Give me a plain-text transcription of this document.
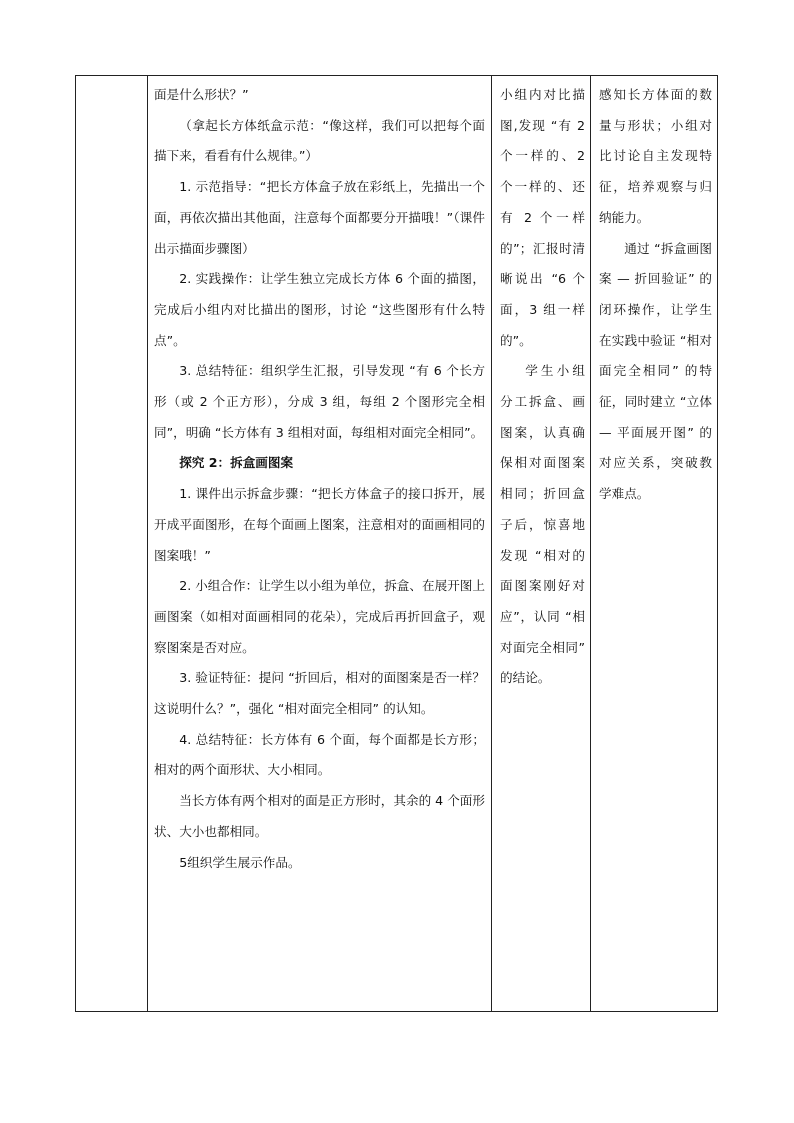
面是什么形状？”

（拿起长方体纸盒示范：“像这样，我们可以把每个面描下来，看看有什么规律。”）

1. 示范指导：“把长方体盒子放在彩纸上，先描出一个面，再依次描出其他面，注意每个面都要分开描哦！”（课件出示描面步骤图）

2. 实践操作：让学生独立完成长方体 6 个面的描图，完成后小组内对比描出的图形，讨论 “这些图形有什么特点”。

3. 总结特征：组织学生汇报，引导发现 “有 6 个长方形（或 2 个正方形），分成 3 组，每组 2 个图形完全相同”，明确 “长方体有 3 组相对面，每组相对面完全相同”。

探究 2：拆盒画图案

1. 课件出示拆盒步骤：“把长方体盒子的接口拆开，展开成平面图形，在每个面画上图案，注意相对的面画相同的图案哦！”

2. 小组合作：让学生以小组为单位，拆盒、在展开图上画图案（如相对面画相同的花朵），完成后再折回盒子，观察图案是否对应。

3. 验证特征：提问 “折回后，相对的面图案是否一样？这说明什么？”，强化 “相对面完全相同” 的认知。

4. 总结特征：长方体有 6 个面，每个面都是长方形；相对的两个面形状、大小相同。

当长方体有两个相对的面是正方形时，其余的 4 个面形状、大小也都相同。

5组织学生展示作品。

小组内对比描图,发现 “有 2 个一样的、2 个一样的、还有 2 个一样的”；汇报时清晰说出 “6 个面，3 组一样的”。

学生小组分工拆盒、画图案，认真确保相对面图案相同；折回盒子后，惊喜地发现 “相对的面图案刚好对应”，认同 “相对面完全相同” 的结论。

感知长方体面的数量与形状；小组对比讨论自主发现特征，培养观察与归纳能力。

通过 “拆盒画图案 — 折回验证” 的闭环操作，让学生在实践中验证 “相对面完全相同” 的特征，同时建立 “立体 — 平面展开图” 的对应关系，突破教学难点。
